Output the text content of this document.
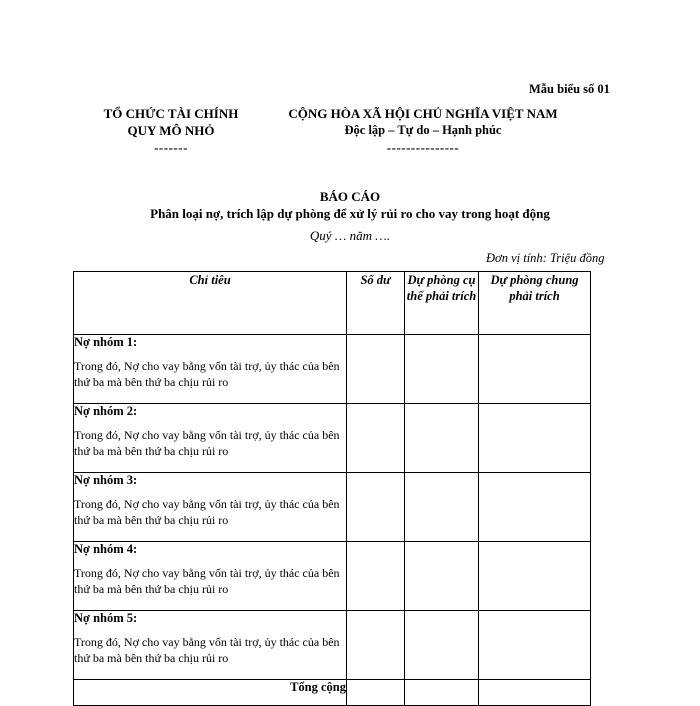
Mẫu biểu số 01
TỔ CHỨC TÀI CHÍNH
QUY MÔ NHỎ
-------
CỘNG HÒA XÃ HỘI CHỦ NGHĨA VIỆT NAM
Độc lập – Tự do – Hạnh phúc
---------------
BÁO CÁO
Phân loại nợ, trích lập dự phòng để xử lý rủi ro cho vay trong hoạt động
Quý … năm ….
Đơn vị tính: Triệu đồng
Chỉ tiêu	Số dư	Dự phòng cụ thể phải trích	Dự phòng chung phải trích

Nợ nhóm 1:
Trong đó, Nợ cho vay bằng vốn tài trợ, ủy thác của bên thứ ba mà bên thứ ba chịu rủi ro			

Nợ nhóm 2:
Trong đó, Nợ cho vay bằng vốn tài trợ, ủy thác của bên thứ ba mà bên thứ ba chịu rủi ro			

Nợ nhóm 3:
Trong đó, Nợ cho vay bằng vốn tài trợ, ủy thác của bên thứ ba mà bên thứ ba chịu rủi ro			

Nợ nhóm 4:
Trong đó, Nợ cho vay bằng vốn tài trợ, ủy thác của bên thứ ba mà bên thứ ba chịu rủi ro			

Nợ nhóm 5:
Trong đó, Nợ cho vay bằng vốn tài trợ, ủy thác của bên thứ ba mà bên thứ ba chịu rủi ro			

Tổng cộng			
